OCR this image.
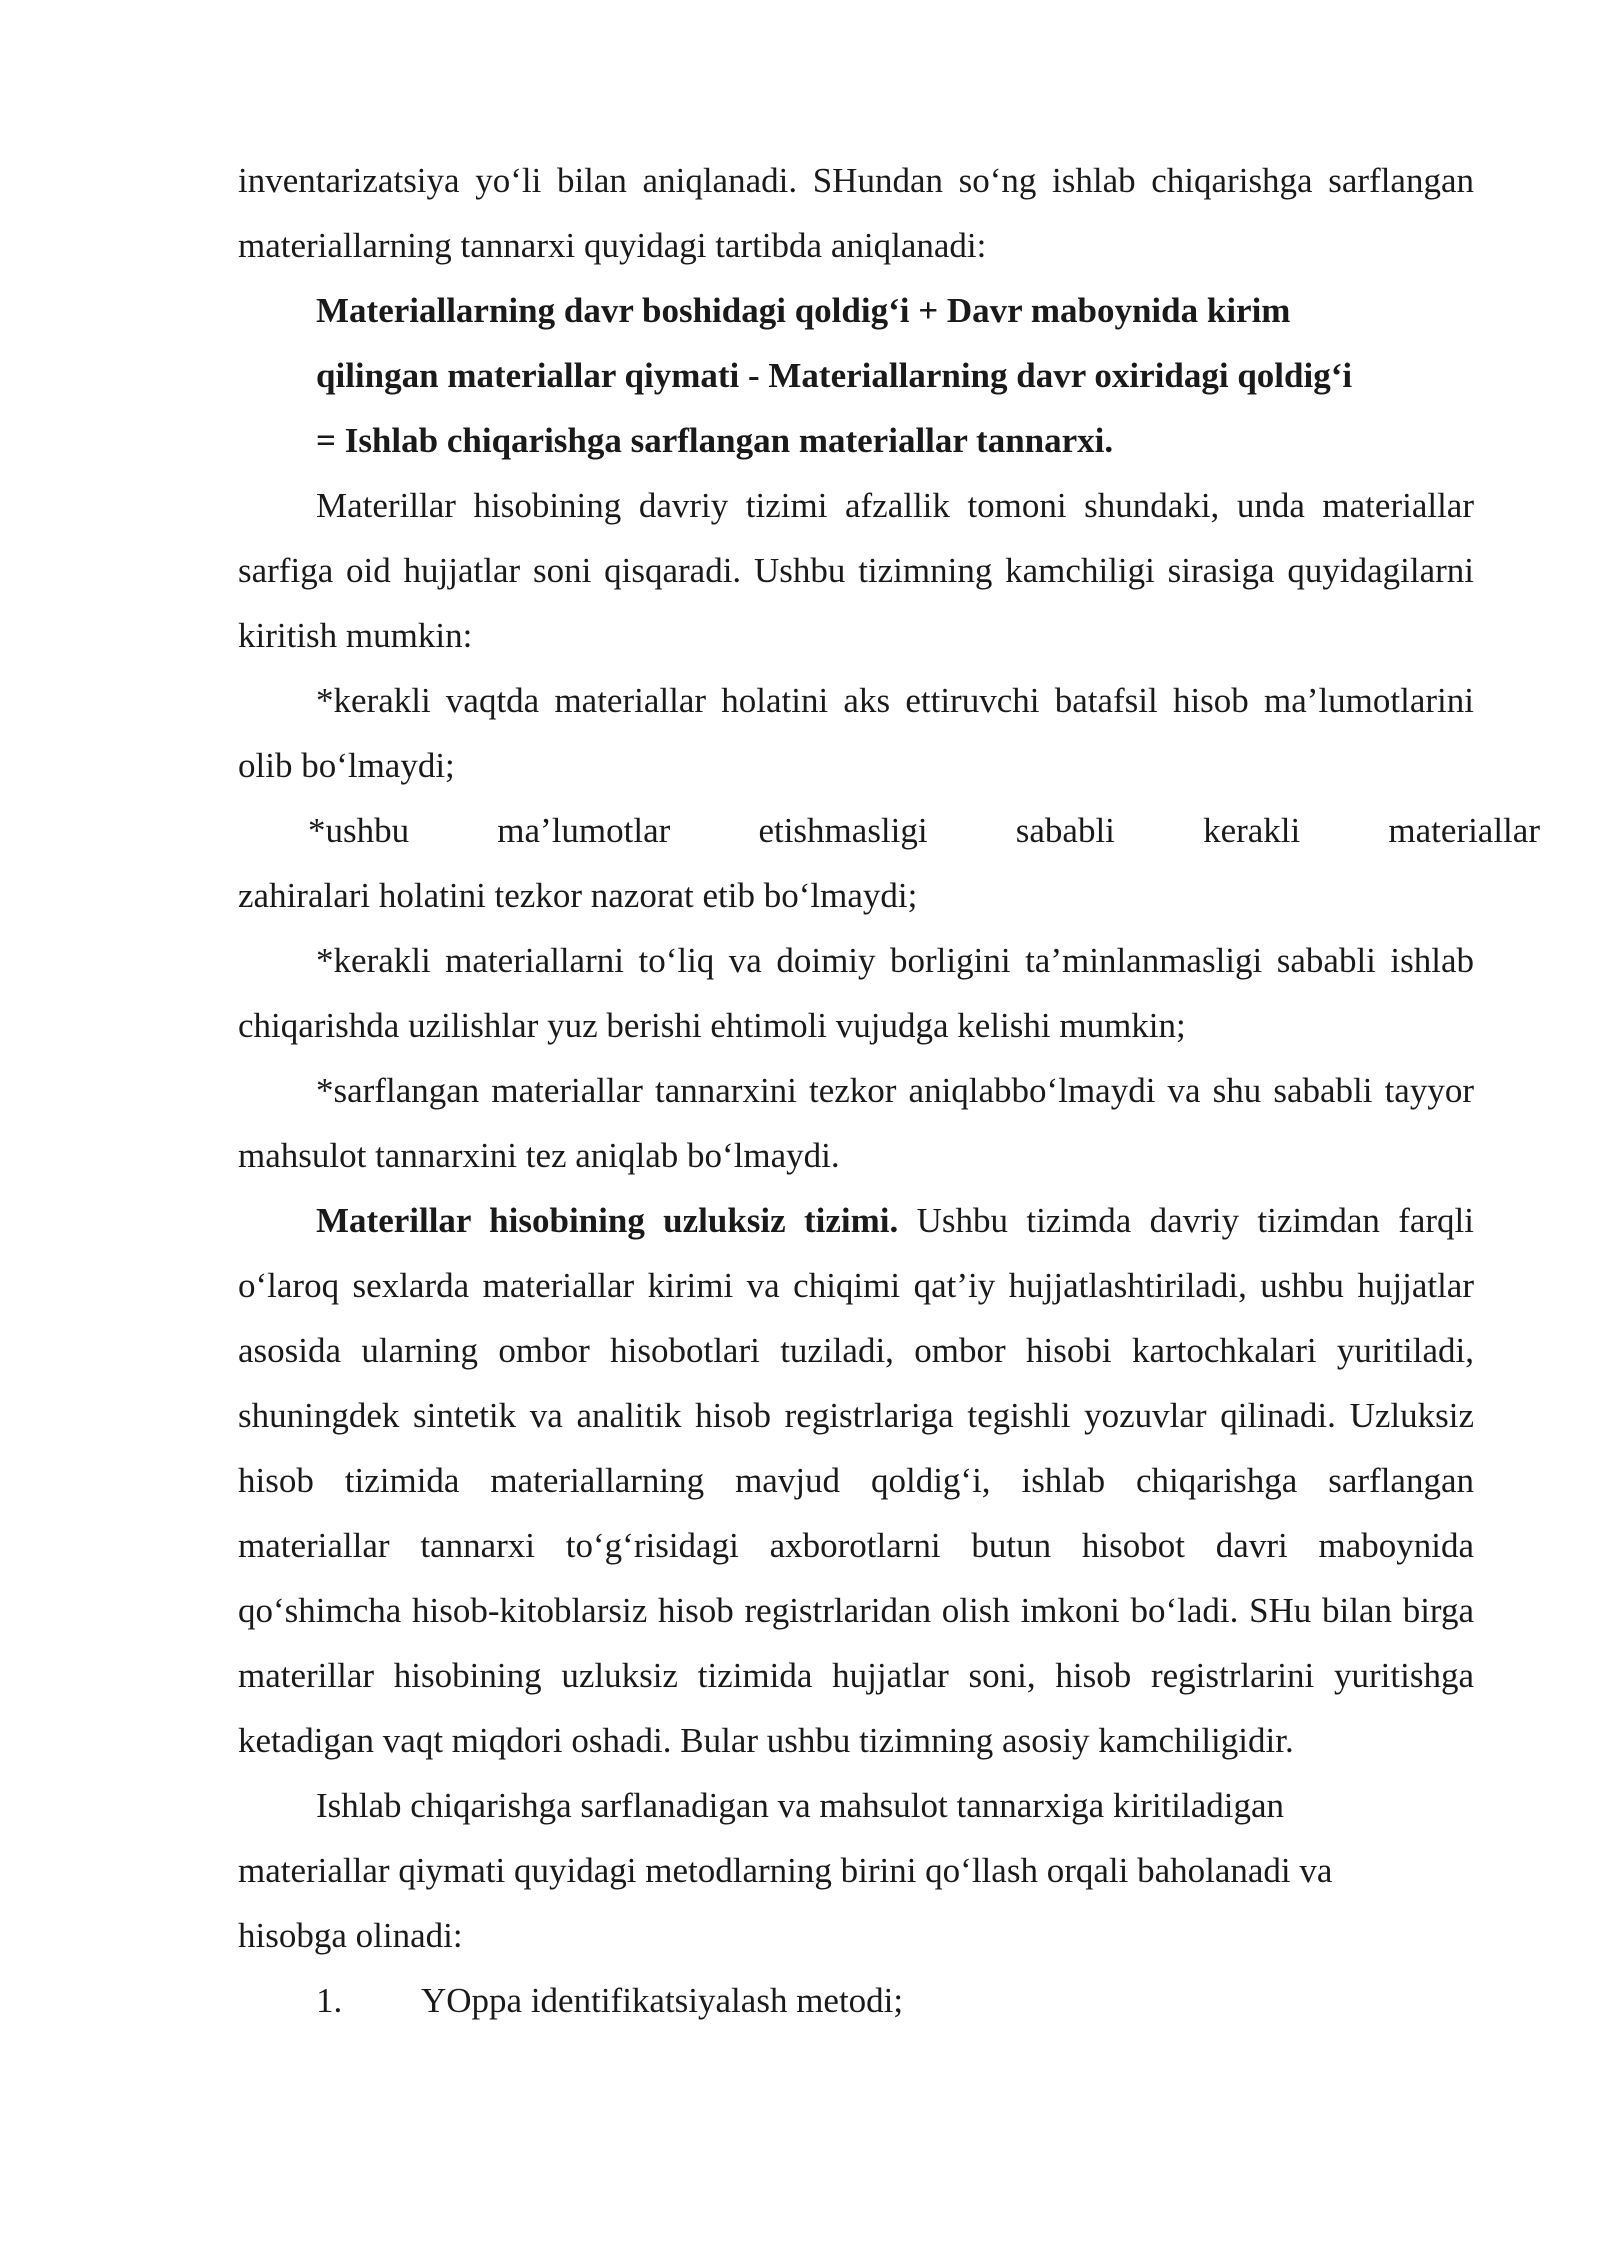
inventarizatsiya yo‘li bilan aniqlanadi. SHundan so‘ng ishlab chiqarishga sarflangan materiallarning tannarxi quyidagi tartibda aniqlanadi:

Materiallarning davr boshidagi qoldig‘i + Davr maboynida kirim

qilingan materiallar qiymati - Materiallarning davr oxiridagi qoldig‘i

= Ishlab chiqarishga sarflangan materiallar tannarxi.

Materillar hisobining davriy tizimi afzallik tomoni shundaki, unda materiallar sarfiga oid hujjatlar soni qisqaradi. Ushbu tizimning kamchiligi sirasiga quyidagilarni kiritish mumkin:

*kerakli vaqtda materiallar holatini aks ettiruvchi batafsil hisob ma’lumotlarini olib bo‘lmaydi;

*ushbu	ma’lumotlar	etishmasligi	sababli	kerakli	materiallar
zahiralari holatini tezkor nazorat etib bo‘lmaydi;

*kerakli materiallarni to‘liq va doimiy borligini ta’minlanmasligi sababli ishlab chiqarishda uzilishlar yuz berishi ehtimoli vujudga kelishi mumkin;

*sarflangan materiallar tannarxini tezkor aniqlabbo‘lmaydi va shu sababli tayyor mahsulot tannarxini tez aniqlab bo‘lmaydi.

Materillar hisobining uzluksiz tizimi. Ushbu tizimda davriy tizimdan farqli o‘laroq sexlarda materiallar kirimi va chiqimi qat’iy hujjatlashtiriladi, ushbu hujjatlar asosida ularning ombor hisobotlari tuziladi, ombor hisobi kartochkalari yuritiladi, shuningdek sintetik va analitik hisob registrlariga tegishli yozuvlar qilinadi. Uzluksiz hisob tizimida materiallarning mavjud qoldig‘i, ishlab chiqarishga sarflangan materiallar tannarxi to‘g‘risidagi axborotlarni butun hisobot davri maboynida qo‘shimcha hisob-kitoblarsiz hisob registrlaridan olish imkoni bo‘ladi. SHu bilan birga materillar hisobining uzluksiz tizimida hujjatlar soni, hisob registrlarini yuritishga ketadigan vaqt miqdori oshadi. Bular ushbu tizimning asosiy kamchiligidir.

Ishlab chiqarishga sarflanadigan va mahsulot tannarxiga kiritiladigan materiallar qiymati quyidagi metodlarning birini qo‘llash orqali baholanadi va hisobga olinadi:

1.	YOppa identifikatsiyalash metodi;
